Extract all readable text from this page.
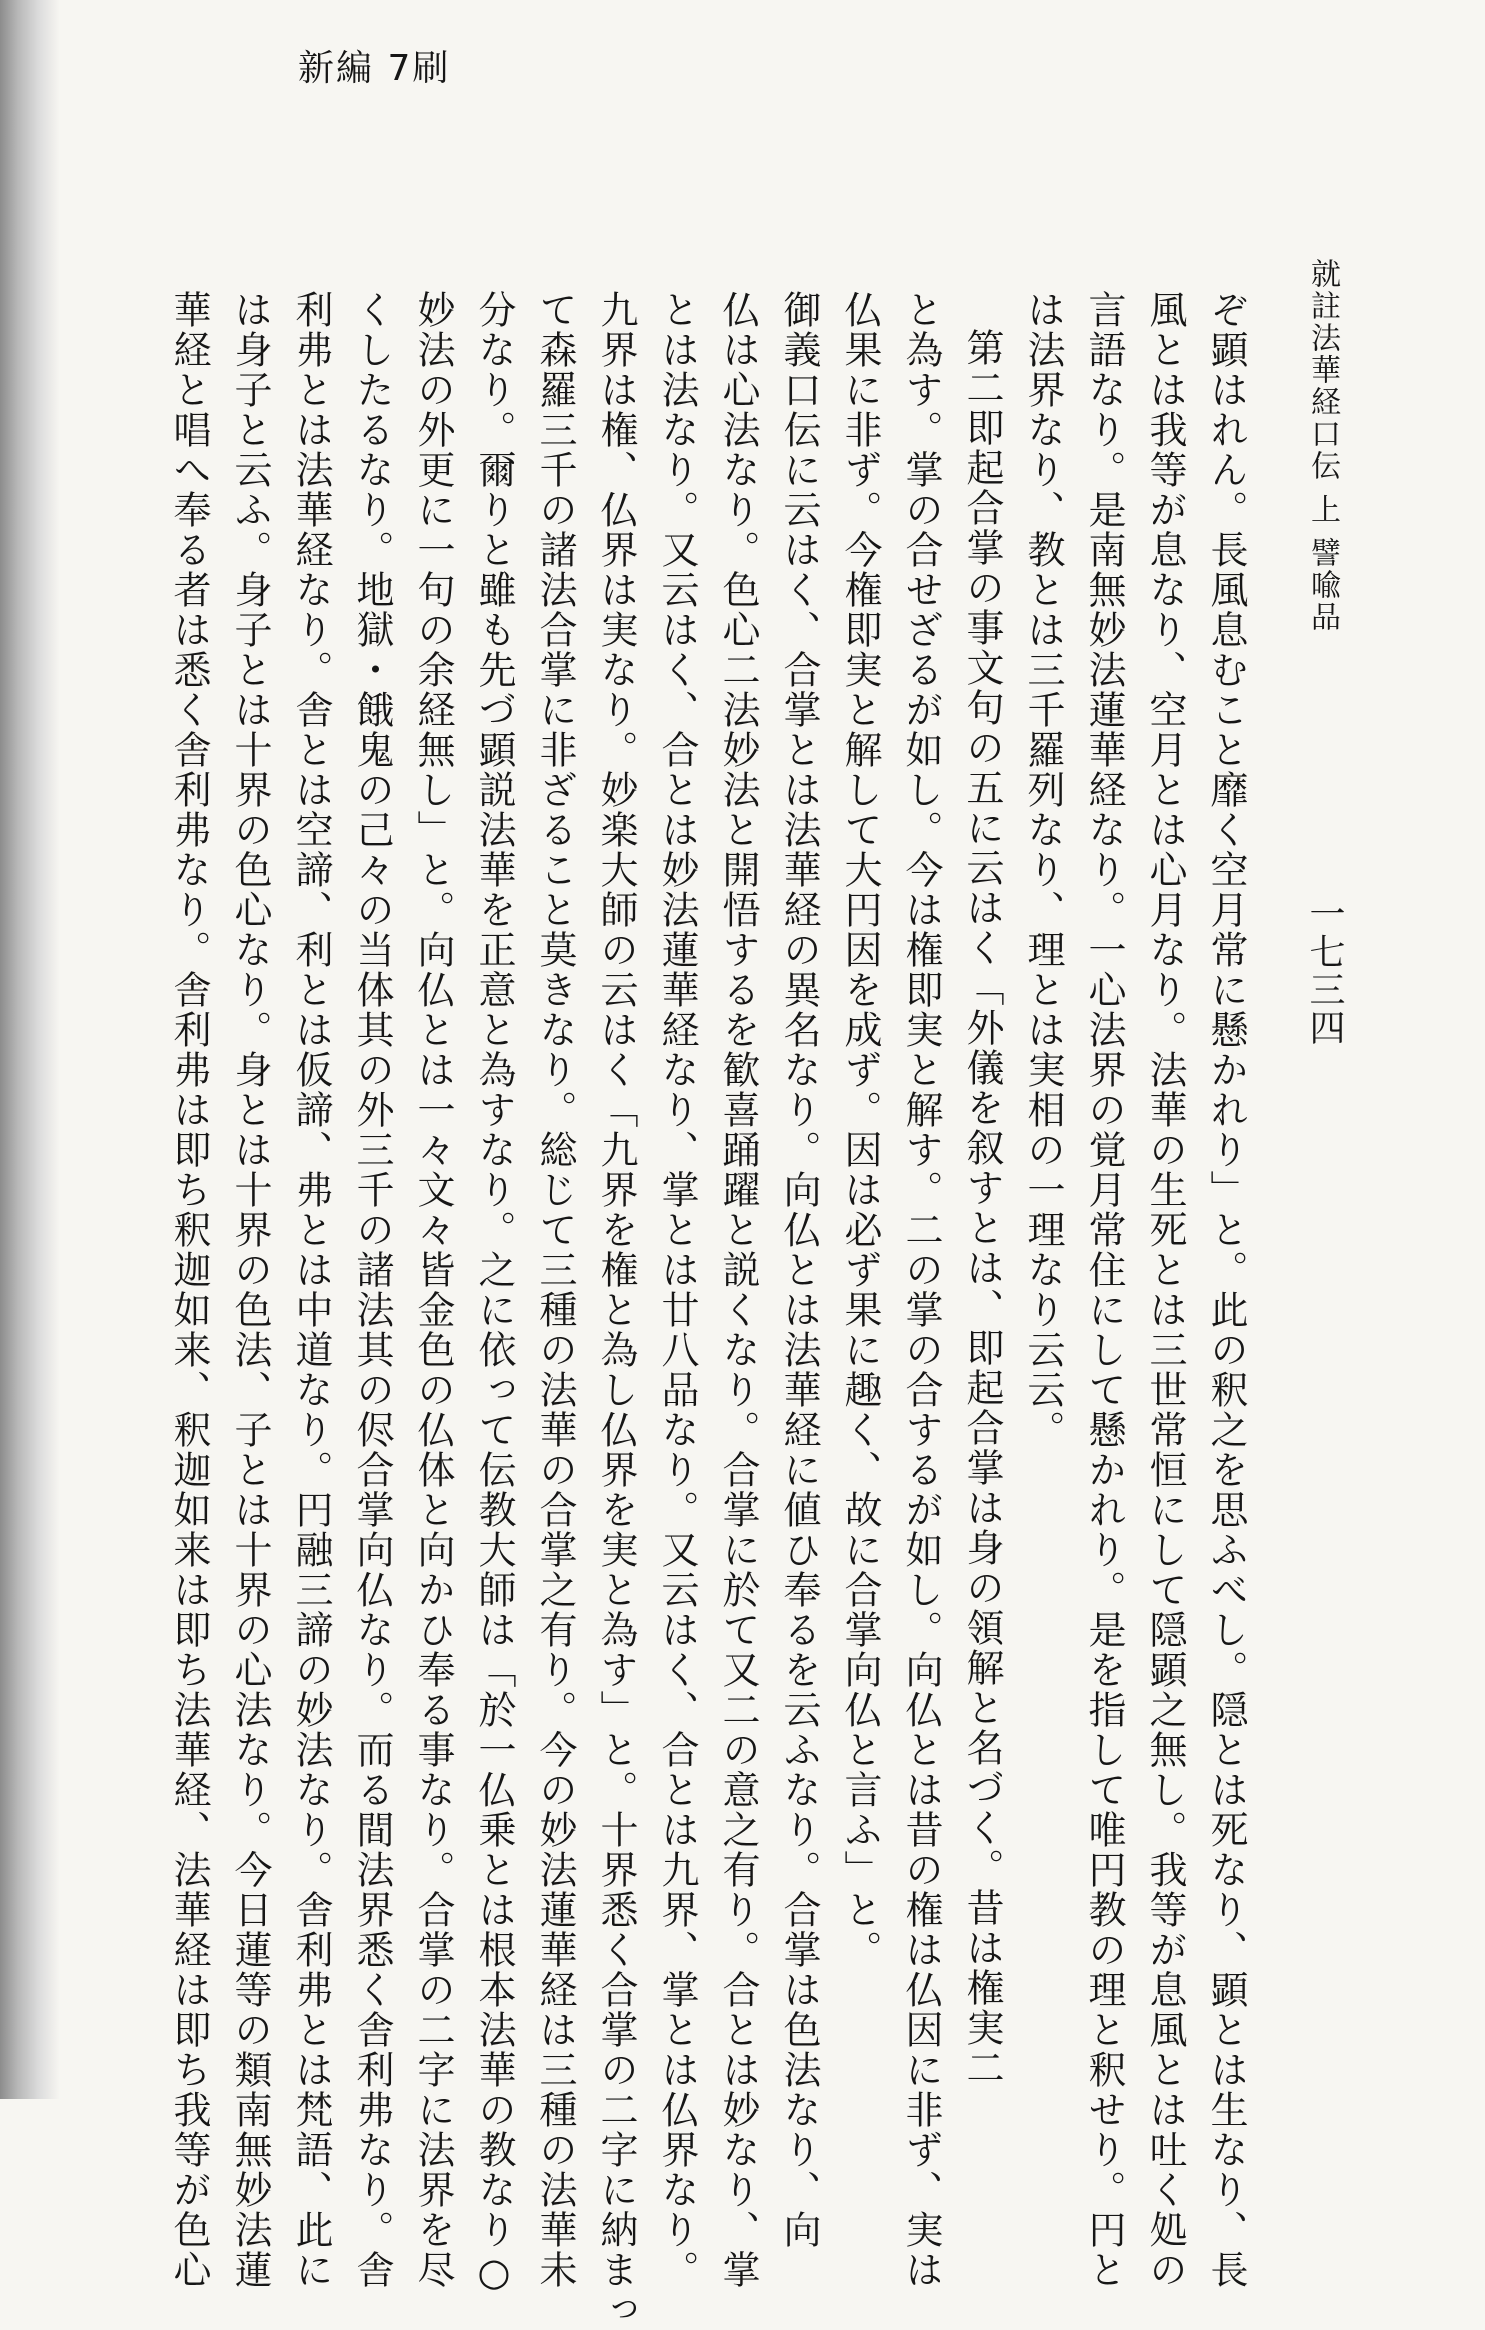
新編 7刷
就註法華経口伝 上 譬喩品
一七三四
ぞ顕はれん。長風息むこと靡く空月常に懸かれり」と。此の釈之を思ふべし。隠とは死なり、顕とは生なり、長
風とは我等が息なり、空月とは心月なり。法華の生死とは三世常恒にして隠顕之無し。我等が息風とは吐く処の
言語なり。是南無妙法蓮華経なり。一心法界の覚月常住にして懸かれり。是を指して唯円教の理と釈せり。円と
は法界なり、教とは三千羅列なり、理とは実相の一理なり云云。
第二即起合掌の事文句の五に云はく「外儀を叙すとは、即起合掌は身の領解と名づく。昔は権実二
と為す。掌の合せざるが如し。今は権即実と解す。二の掌の合するが如し。向仏とは昔の権は仏因に非ず、実は
仏果に非ず。今権即実と解して大円因を成ず。因は必ず果に趣く、故に合掌向仏と言ふ」と。
御義口伝に云はく、合掌とは法華経の異名なり。向仏とは法華経に値ひ奉るを云ふなり。合掌は色法なり、向
仏は心法なり。色心二法妙法と開悟するを歓喜踊躍と説くなり。合掌に於て又二の意之有り。合とは妙なり、掌
とは法なり。又云はく、合とは妙法蓮華経なり、掌とは廿八品なり。又云はく、合とは九界、掌とは仏界なり。
九界は権、仏界は実なり。妙楽大師の云はく「九界を権と為し仏界を実と為す」と。十界悉く合掌の二字に納まっ
て森羅三千の諸法合掌に非ざること莫きなり。総じて三種の法華の合掌之有り。今の妙法蓮華経は三種の法華未
分なり。爾りと雖も先づ顕説法華を正意と為すなり。之に依って伝教大師は「於一仏乗とは根本法華の教なり○
妙法の外更に一句の余経無し」と。向仏とは一々文々皆金色の仏体と向かひ奉る事なり。合掌の二字に法界を尽
くしたるなり。地獄・餓鬼の己々の当体其の外三千の諸法其の侭合掌向仏なり。而る間法界悉く舎利弗なり。舎
利弗とは法華経なり。舎とは空諦、利とは仮諦、弗とは中道なり。円融三諦の妙法なり。舎利弗とは梵語、此に
は身子と云ふ。身子とは十界の色心なり。身とは十界の色法、子とは十界の心法なり。今日蓮等の類南無妙法蓮
華経と唱へ奉る者は悉く舎利弗なり。舎利弗は即ち釈迦如来、釈迦如来は即ち法華経、法華経は即ち我等が色心
